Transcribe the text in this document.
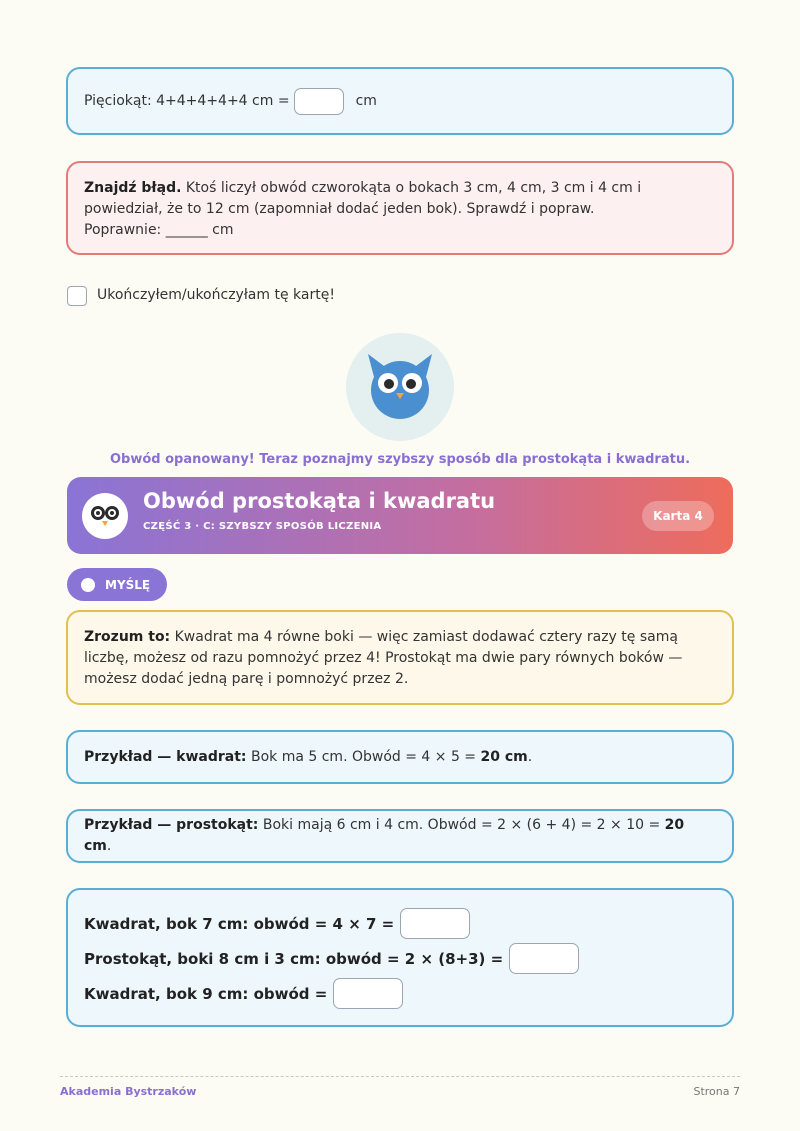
Pięciokąt: 4+4+4+4+4 cm =	cm

Znajdź błąd. Ktoś liczył obwód czworokąta o bokach 3 cm, 4 cm, 3 cm i 4 cm i powiedział, że to 12 cm (zapomniał dodać jeden bok). Sprawdź i popraw.

Poprawnie: ______ cm

Ukończyłem/ukończyłam tę kartę!

Obwód opanowany! Teraz poznajmy szybszy sposób dla prostokąta i kwadratu.

Obwód prostokąta i kwadratu
CZĘŚĆ 3 · C: SZYBSZY SPOSÓB LICZENIA
Karta 4
MYŚLĘ

Zrozum to: Kwadrat ma 4 równe boki — więc zamiast dodawać cztery razy tę samą liczbę, możesz od razu pomnożyć przez 4! Prostokąt ma dwie pary równych boków — możesz dodać jedną parę i pomnożyć przez 2.

Przykład — kwadrat: Bok ma 5 cm. Obwód = 4 × 5 = 20 cm.

Przykład — prostokąt: Boki mają 6 cm i 4 cm. Obwód = 2 × (6 + 4) = 2 × 10 = 20 cm.

Kwadrat, bok 7 cm: obwód = 4 × 7 =
Prostokąt, boki 8 cm i 3 cm: obwód = 2 × (8+3) =
Kwadrat, bok 9 cm: obwód =
Akademia Bystrzaków	Strona 7
